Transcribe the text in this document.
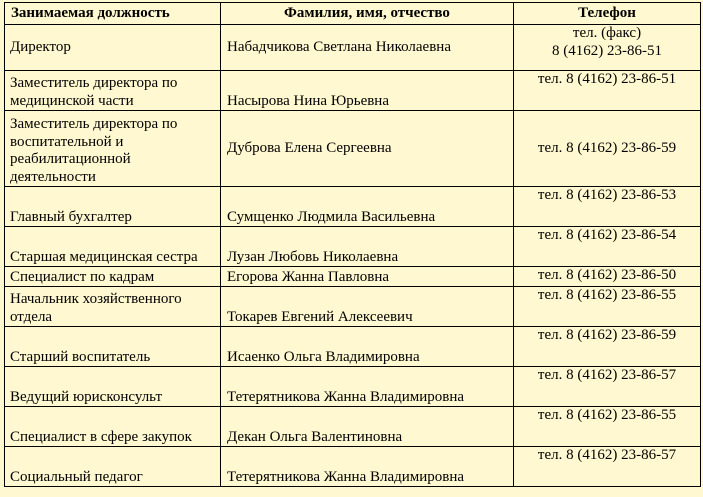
Занимаемая должность	Фамилия, имя, отчество	Телефон
Директор	Набадчикова Светлана Николаевна	тел. (факс)
8 (4162) 23-86-51

Заместитель директора по медицинской части	Насырова Нина Юрьевна	тел. 8 (4162) 23-86-51
Заместитель директора по воспитательной и реабилитационной деятельности	Дуброва Елена Сергеевна	тел. 8 (4162) 23-86-59
Главный бухгалтер	Сумщенко Людмила Васильевна	тел. 8 (4162) 23-86-53
Старшая медицинская сестра	Лузан Любовь Николаевна	тел. 8 (4162) 23-86-54
Специалист по кадрам	Егорова Жанна Павловна	тел. 8 (4162) 23-86-50
Начальник хозяйственного отдела	Токарев Евгений Алексеевич	тел. 8 (4162) 23-86-55
Старший воспитатель	Исаенко Ольга Владимировна	тел. 8 (4162) 23-86-59
Ведущий юрисконсульт	Тетерятникова Жанна Владимировна	тел. 8 (4162) 23-86-57
Специалист в сфере закупок	Декан Ольга Валентиновна	тел. 8 (4162) 23-86-55
Социальный педагог	Тетерятникова Жанна Владимировна	тел. 8 (4162) 23-86-57
